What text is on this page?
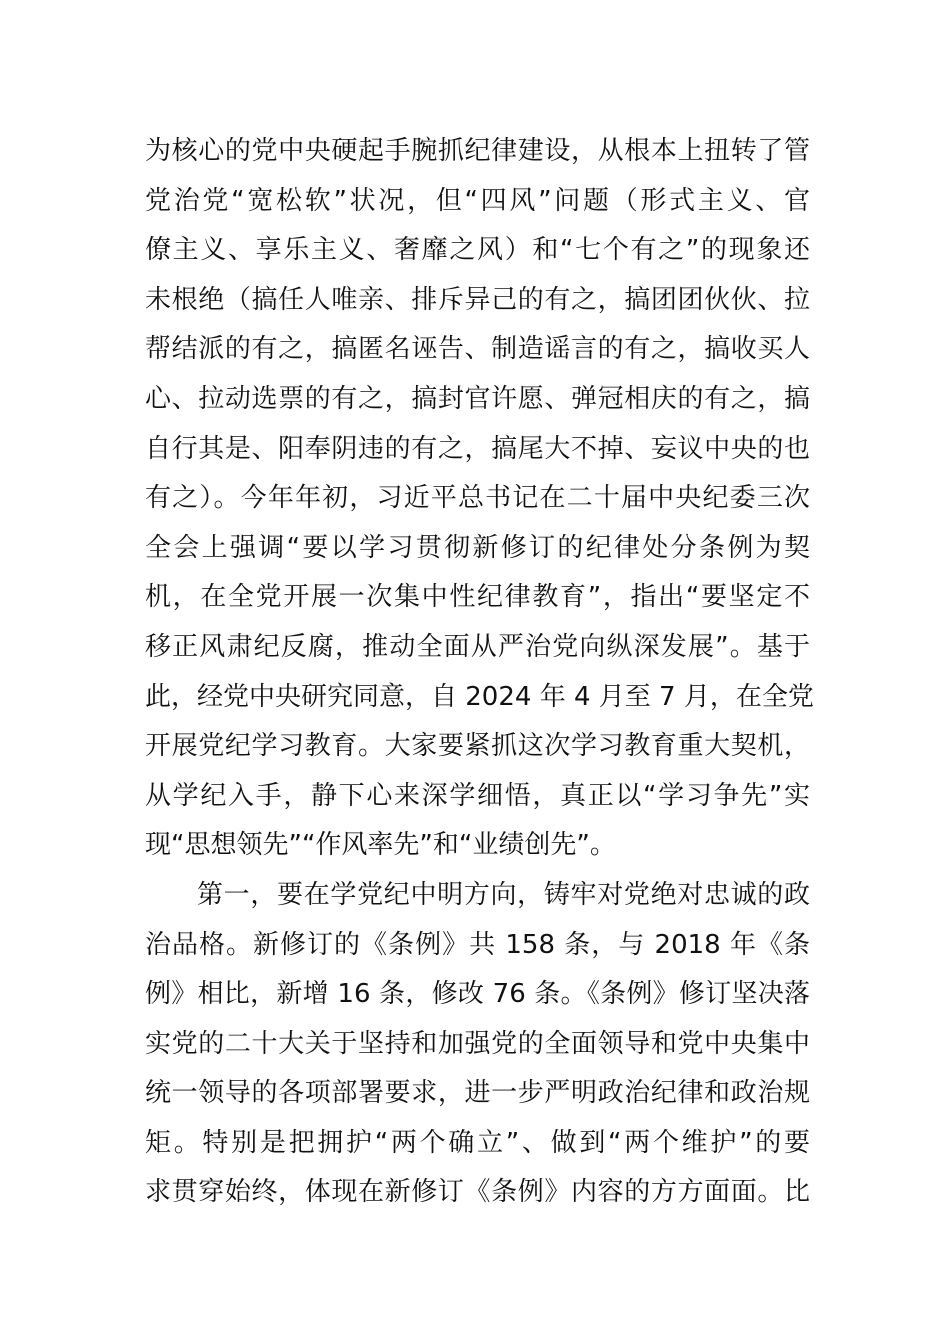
为核心的党中央硬起手腕抓纪律建设，从根本上扭转了管
党治党“宽松软”状况，但“四风”问题（形式主义、官
僚主义、享乐主义、奢靡之风）和“七个有之”的现象还
未根绝（搞任人唯亲、排斥异己的有之，搞团团伙伙、拉
帮结派的有之，搞匿名诬告、制造谣言的有之，搞收买人
心、拉动选票的有之，搞封官许愿、弹冠相庆的有之，搞
自行其是、阳奉阴违的有之，搞尾大不掉、妄议中央的也
有之）。今年年初，习近平总书记在二十届中央纪委三次
全会上强调“要以学习贯彻新修订的纪律处分条例为契
机，在全党开展一次集中性纪律教育”，指出“要坚定不
移正风肃纪反腐，推动全面从严治党向纵深发展”。基于
此，经党中央研究同意，自 2024 年 4 月至 7 月，在全党
开展党纪学习教育。大家要紧抓这次学习教育重大契机，
从学纪入手，静下心来深学细悟，真正以“学习争先”实
现“思想领先”“作风率先”和“业绩创先”。
第一，要在学党纪中明方向，铸牢对党绝对忠诚的政
治品格。新修订的《条例》共 158 条，与 2018 年《条
例》相比，新增 16 条，修改 76 条。《条例》修订坚决落
实党的二十大关于坚持和加强党的全面领导和党中央集中
统一领导的各项部署要求，进一步严明政治纪律和政治规
矩。特别是把拥护“两个确立”、做到“两个维护”的要
求贯穿始终，体现在新修订《条例》内容的方方面面。比
